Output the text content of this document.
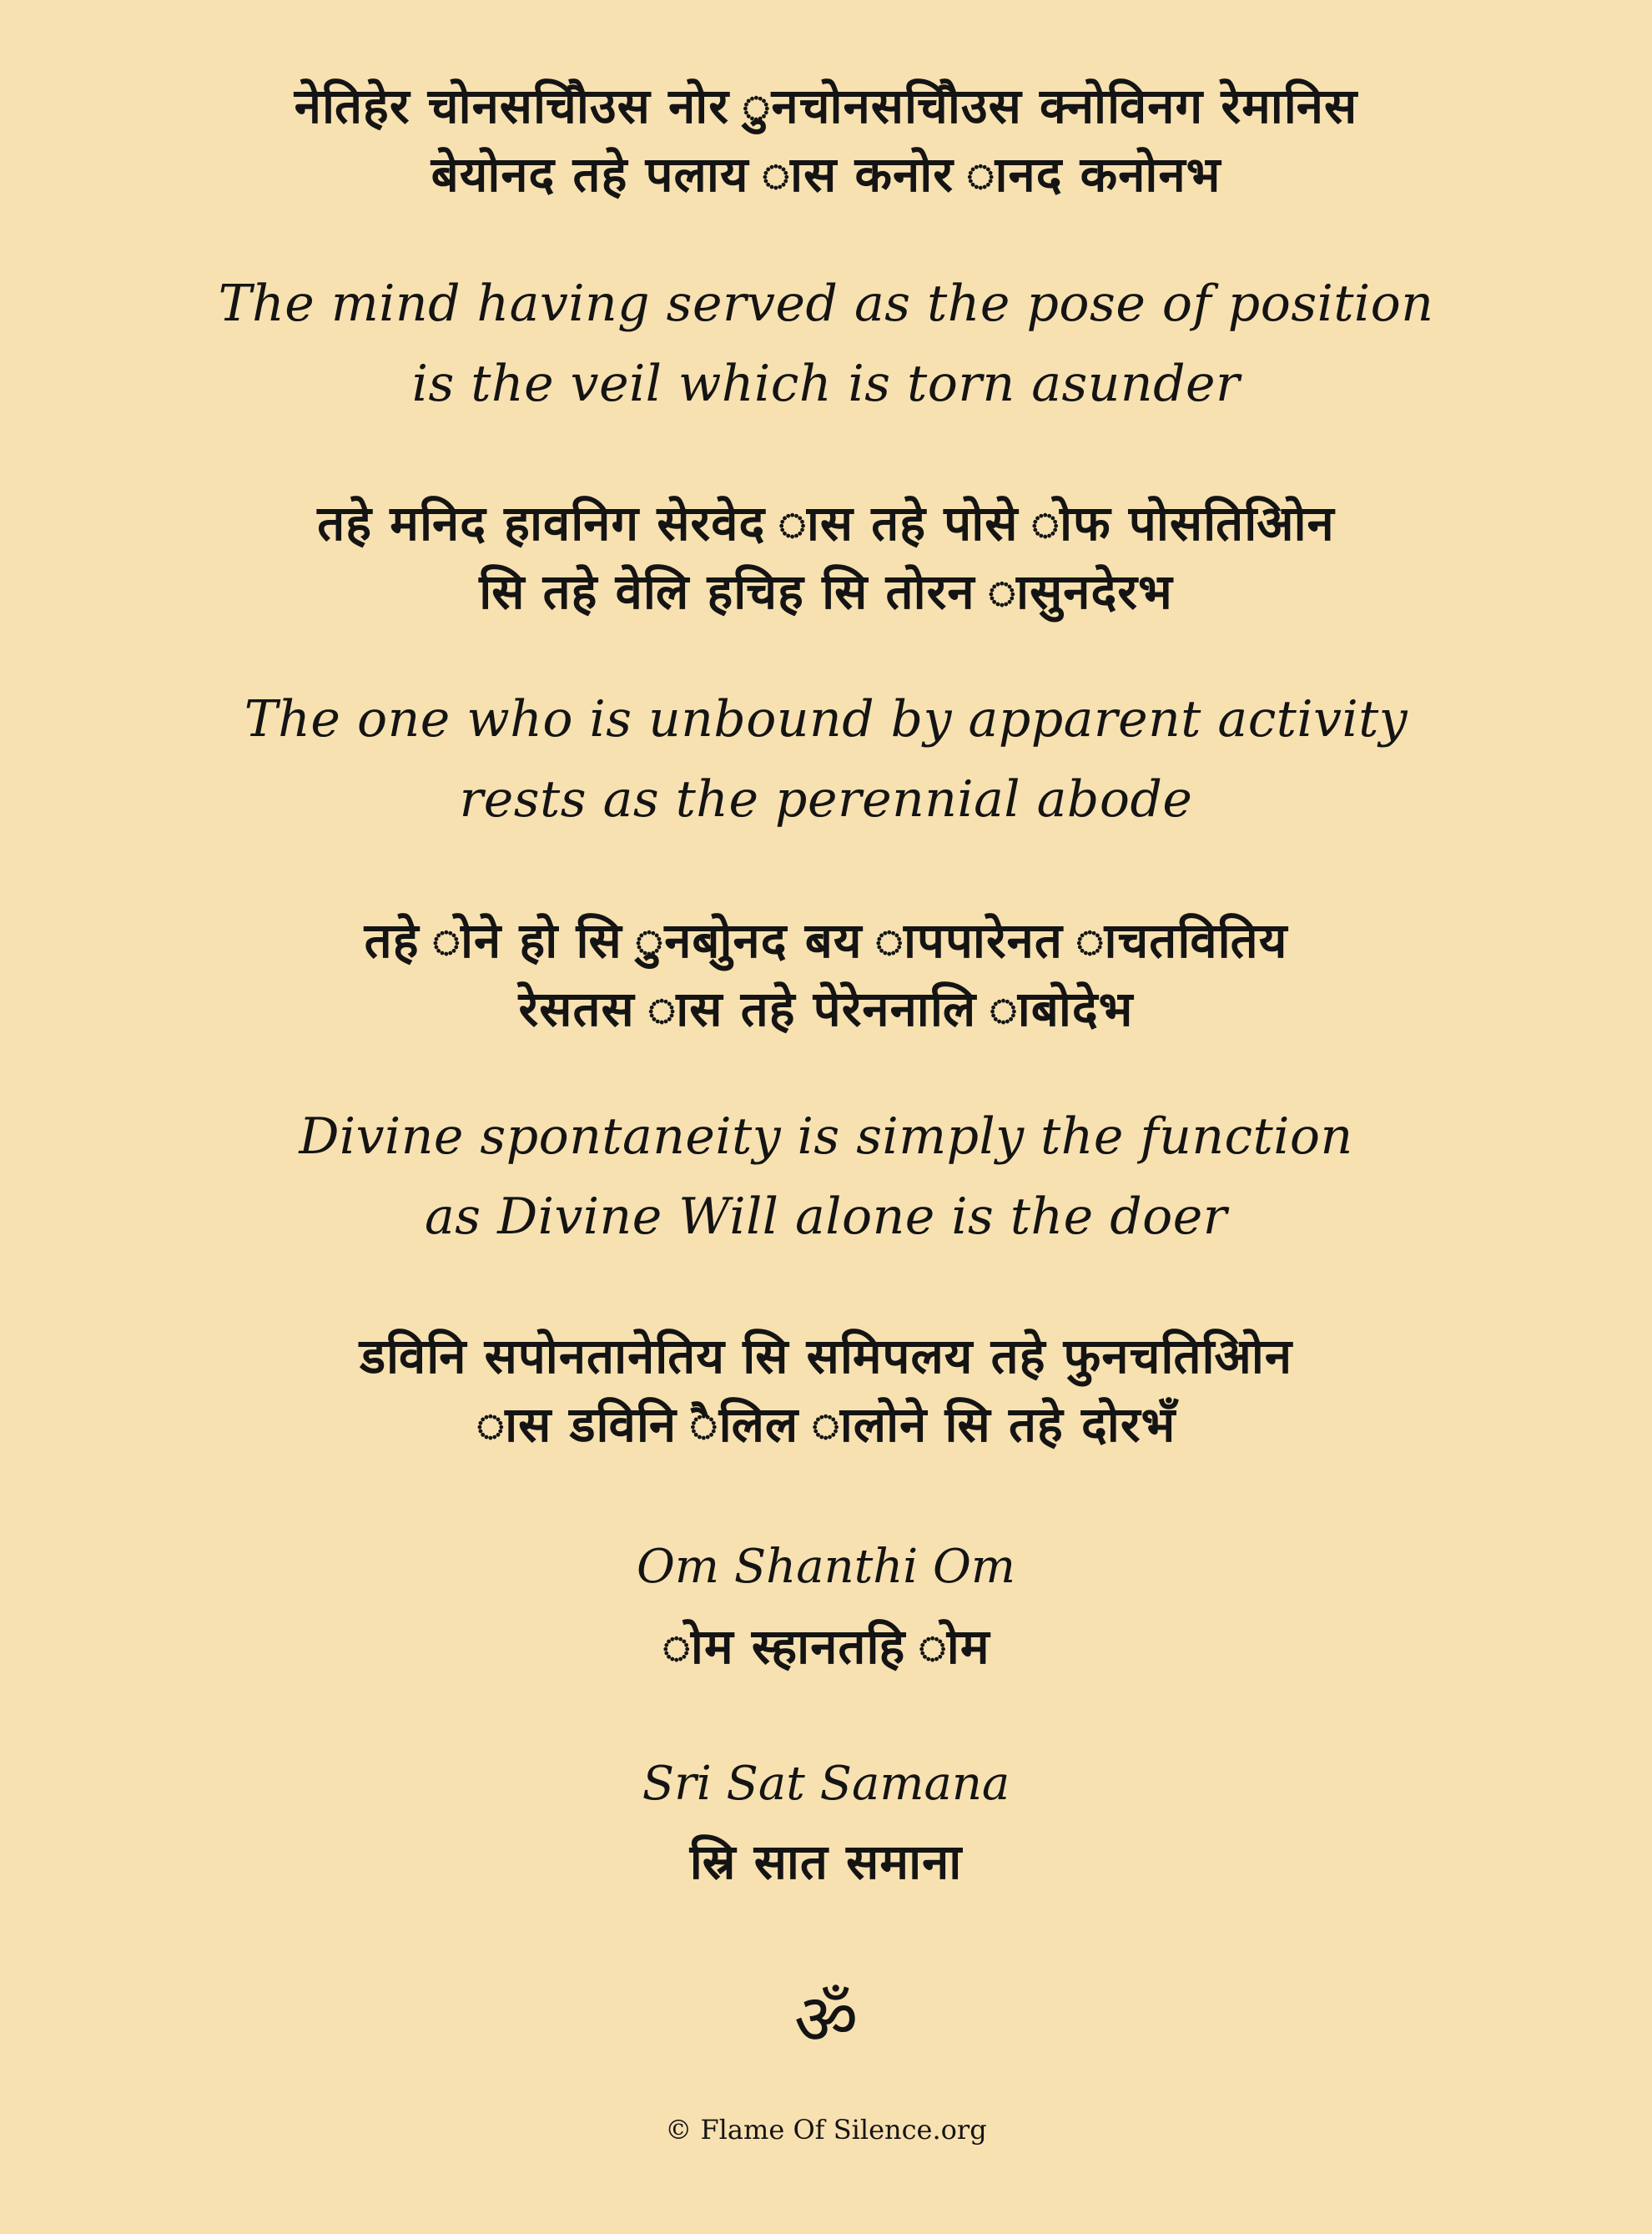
नेतिहेर चोनसचौिउस नोर ुनचोनसचौिउस क्नोविनग रेमानिस
बेयोनद तहे पलाय ास कनोर ानद कनोनभ
The mind having served as the pose of position
is the veil which is torn asunder
तहे मनिद हावनिग सेरवेद ास तहे पोसे ोफ पोसतिओिन
सि तहे वेलि हचिह सि तोरन ासुनदेरभ
The one who is unbound by apparent activity
rests as the perennial abode
तहे ोने हो सि ुनबोुनद बय ापपारेनत ाचतवितिय
रेसतस ास तहे पेरेननालि ाबोदेभ
Divine spontaneity is simply the function
as Divine Will alone is the doer
डविनि सपोनतानेतिय सि समिपलय तहे फुनचतिओिन
ास डविनि ैलिल ालोने सि तहे दोरभँ
Om Shanthi Om
ोम स्हानतहि ोम
Sri Sat Samana
स्रि सात समाना
ॐ
© Flame Of Silence.org
